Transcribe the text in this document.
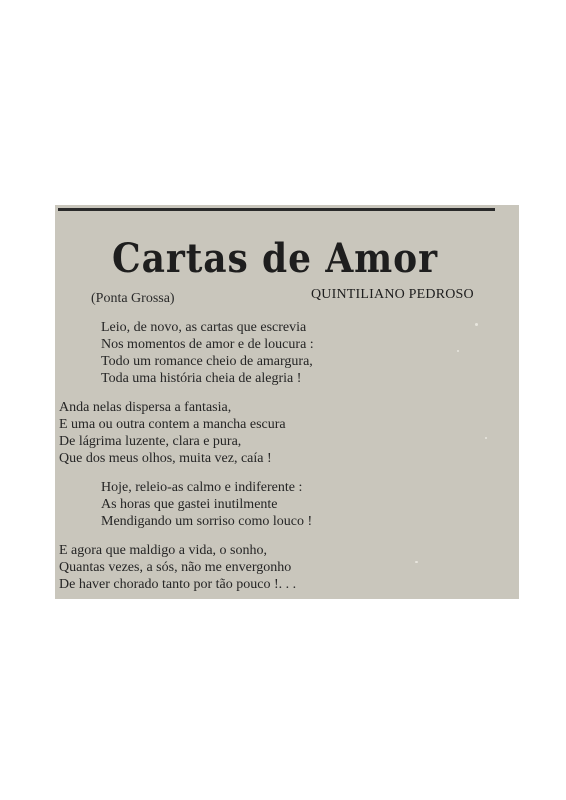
Cartas de Amor
(Ponta Grossa)	QUINTILIANO PEDROSO
Leio, de novo, as cartas que escrevia
Nos momentos de amor e de loucura :
Todo um romance cheio de amargura,
Toda uma história cheia de alegria !
Anda nelas dispersa a fantasia,
E uma ou outra contem a mancha escura
De lágrima luzente, clara e pura,
Que dos meus olhos, muita vez, caía !
Hoje, releio-as calmo e indiferente :
As horas que gastei inutilmente
Mendigando um sorriso como louco !
E agora que maldigo a vida, o sonho,
Quantas vezes, a sós, não me envergonho
De haver chorado tanto por tão pouco !. . .
